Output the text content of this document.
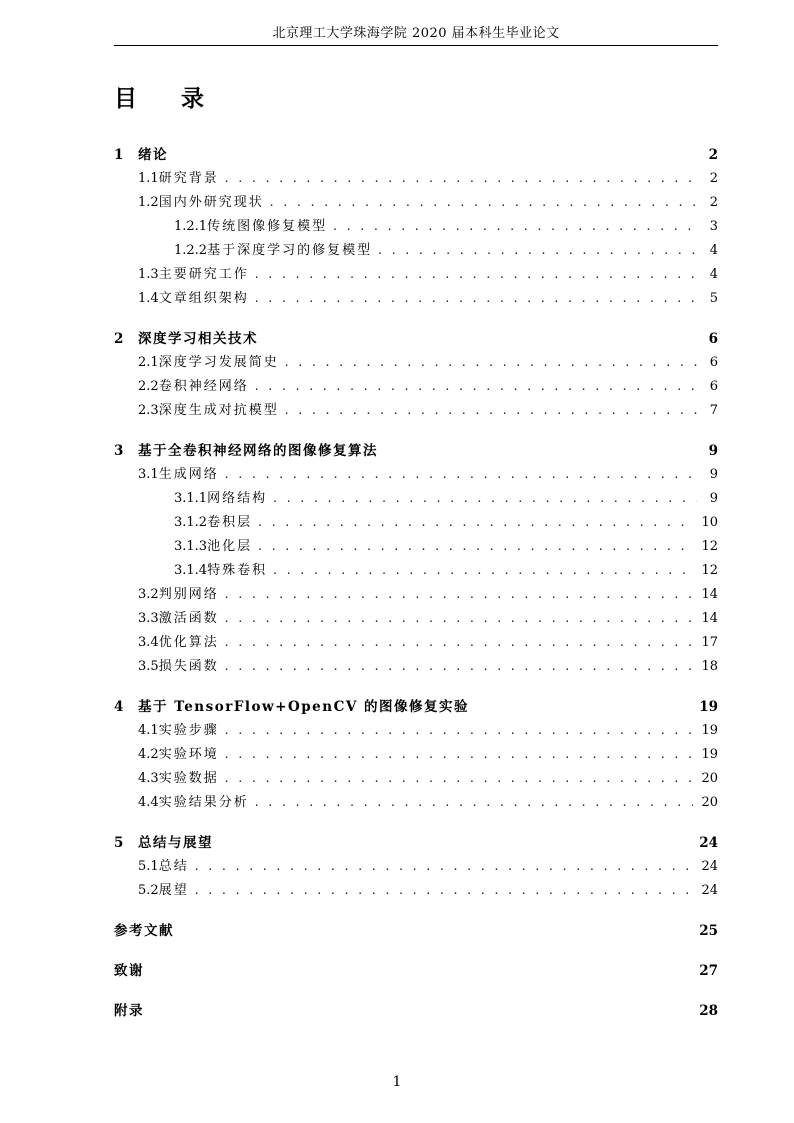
北京理工大学珠海学院 2020 届本科生毕业论文
目 录
1	绪论	2
1.1 研究背景 . . .	2
1.2 国内外研究现状 . . .	2
1.2.1 传统图像修复模型 . . .	3
1.2.2 基于深度学习的修复模型 . . .	4
1.3 主要研究工作 . . .	4
1.4 文章组织架构 . . .	5
2	深度学习相关技术	6
2.1 深度学习发展简史 . . .	6
2.2 卷积神经网络 . . .	6
2.3 深度生成对抗模型 . . .	7
3	基于全卷积神经网络的图像修复算法	9
3.1 生成网络 . . .	9
3.1.1 网络结构 . . .	9
3.1.2 卷积层 . . .	10
3.1.3 池化层 . . .	12
3.1.4 特殊卷积 . . .	12
3.2 判别网络 . . .	14
3.3 激活函数 . . .	14
3.4 优化算法 . . .	17
3.5 损失函数 . . .	18
4	基于 TensorFlow+OpenCV 的图像修复实验	19
4.1 实验步骤 . . .	19
4.2 实验环境 . . .	19
4.3 实验数据 . . .	20
4.4 实验结果分析 . . .	20
5	总结与展望	24
5.1 总结 . . .	24
5.2 展望 . . .	24
参考文献	25
致谢	27
附录	28
1
